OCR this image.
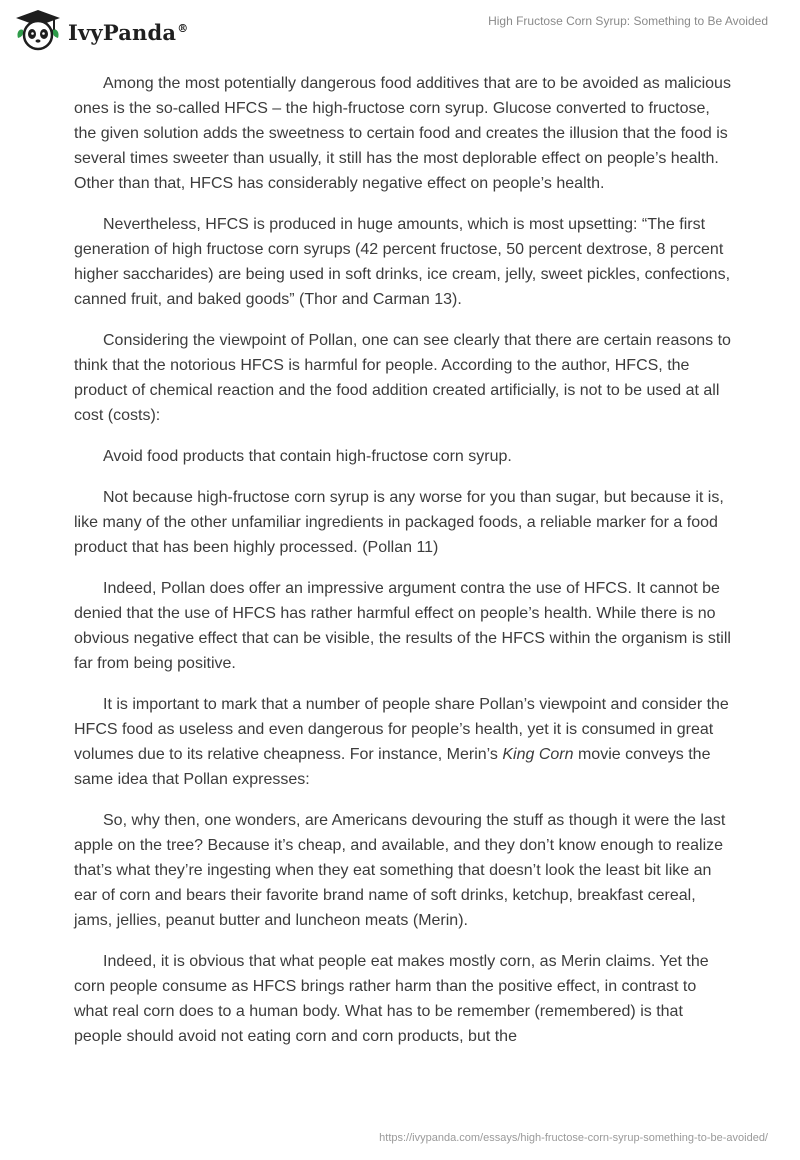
IvyPanda®	High Fructose Corn Syrup: Something to Be Avoided

Among the most potentially dangerous food additives that are to be avoided as malicious ones is the so-called HFCS – the high-fructose corn syrup. Glucose converted to fructose, the given solution adds the sweetness to certain food and creates the illusion that the food is several times sweeter than usually, it still has the most deplorable effect on people’s health. Other than that, HFCS has considerably negative effect on people’s health.

Nevertheless, HFCS is produced in huge amounts, which is most upsetting: “The first generation of high fructose corn syrups (42 percent fructose, 50 percent dextrose, 8 percent higher saccharides) are being used in soft drinks, ice cream, jelly, sweet pickles, confections, canned fruit, and baked goods” (Thor and Carman 13).

Considering the viewpoint of Pollan, one can see clearly that there are certain reasons to think that the notorious HFCS is harmful for people. According to the author, HFCS, the product of chemical reaction and the food addition created artificially, is not to be used at all cost (costs):

Avoid food products that contain high-fructose corn syrup.

Not because high-fructose corn syrup is any worse for you than sugar, but because it is, like many of the other unfamiliar ingredients in packaged foods, a reliable marker for a food product that has been highly processed. (Pollan 11)

Indeed, Pollan does offer an impressive argument contra the use of HFCS. It cannot be denied that the use of HFCS has rather harmful effect on people’s health. While there is no obvious negative effect that can be visible, the results of the HFCS within the organism is still far from being positive.

It is important to mark that a number of people share Pollan’s viewpoint and consider the HFCS food as useless and even dangerous for people’s health, yet it is consumed in great volumes due to its relative cheapness. For instance, Merin’s King Corn movie conveys the same idea that Pollan expresses:

So, why then, one wonders, are Americans devouring the stuff as though it were the last apple on the tree? Because it’s cheap, and available, and they don’t know enough to realize that’s what they’re ingesting when they eat something that doesn’t look the least bit like an ear of corn and bears their favorite brand name of soft drinks, ketchup, breakfast cereal, jams, jellies, peanut butter and luncheon meats (Merin).

Indeed, it is obvious that what people eat makes mostly corn, as Merin claims. Yet the corn people consume as HFCS brings rather harm than the positive effect, in contrast to what real corn does to a human body. What has to be remember (remembered) is that people should avoid not eating corn and corn products, but the

https://ivypanda.com/essays/high-fructose-corn-syrup-something-to-be-avoided/
